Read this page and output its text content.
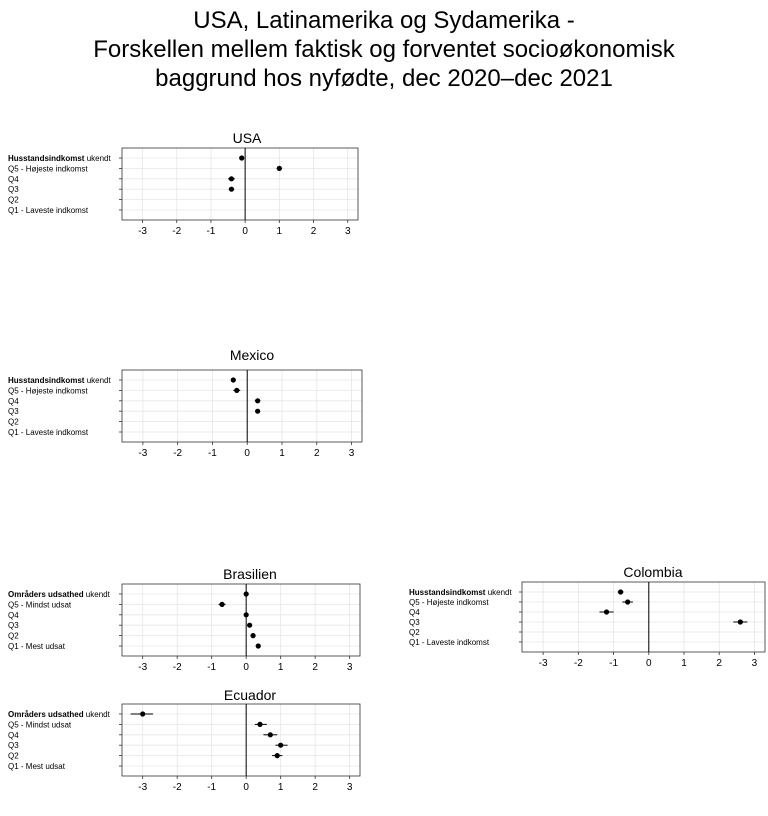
USA, Latinamerika og Sydamerika -
Forskellen mellem faktisk og forventet socioøkonomisk
baggrund hos nyfødte, dec 2020–dec 2021
USA
-3	-2	-1	0	1	2	3
Husstandsindkomst ukendt
Q5 - Højeste indkomst
Q4
Q3
Q2
Q1 - Laveste indkomst
Mexico
-3	-2	-1	0	1	2	3
Husstandsindkomst ukendt
Q5 - Højeste indkomst
Q4
Q3
Q2
Q1 - Laveste indkomst
Brasilien
-3	-2	-1	0	1	2	3
Områders udsathed ukendt
Q5 - Mindst udsat
Q4
Q3
Q2
Q1 - Mest udsat
Colombia
-3	-2	-1	0	1	2	3
Husstandsindkomst ukendt
Q5 - Højeste indkomst
Q4
Q3
Q2
Q1 - Laveste indkomst
Ecuador
-3	-2	-1	0	1	2	3
Områders udsathed ukendt
Q5 - Mindst udsat
Q4
Q3
Q2
Q1 - Mest udsat
